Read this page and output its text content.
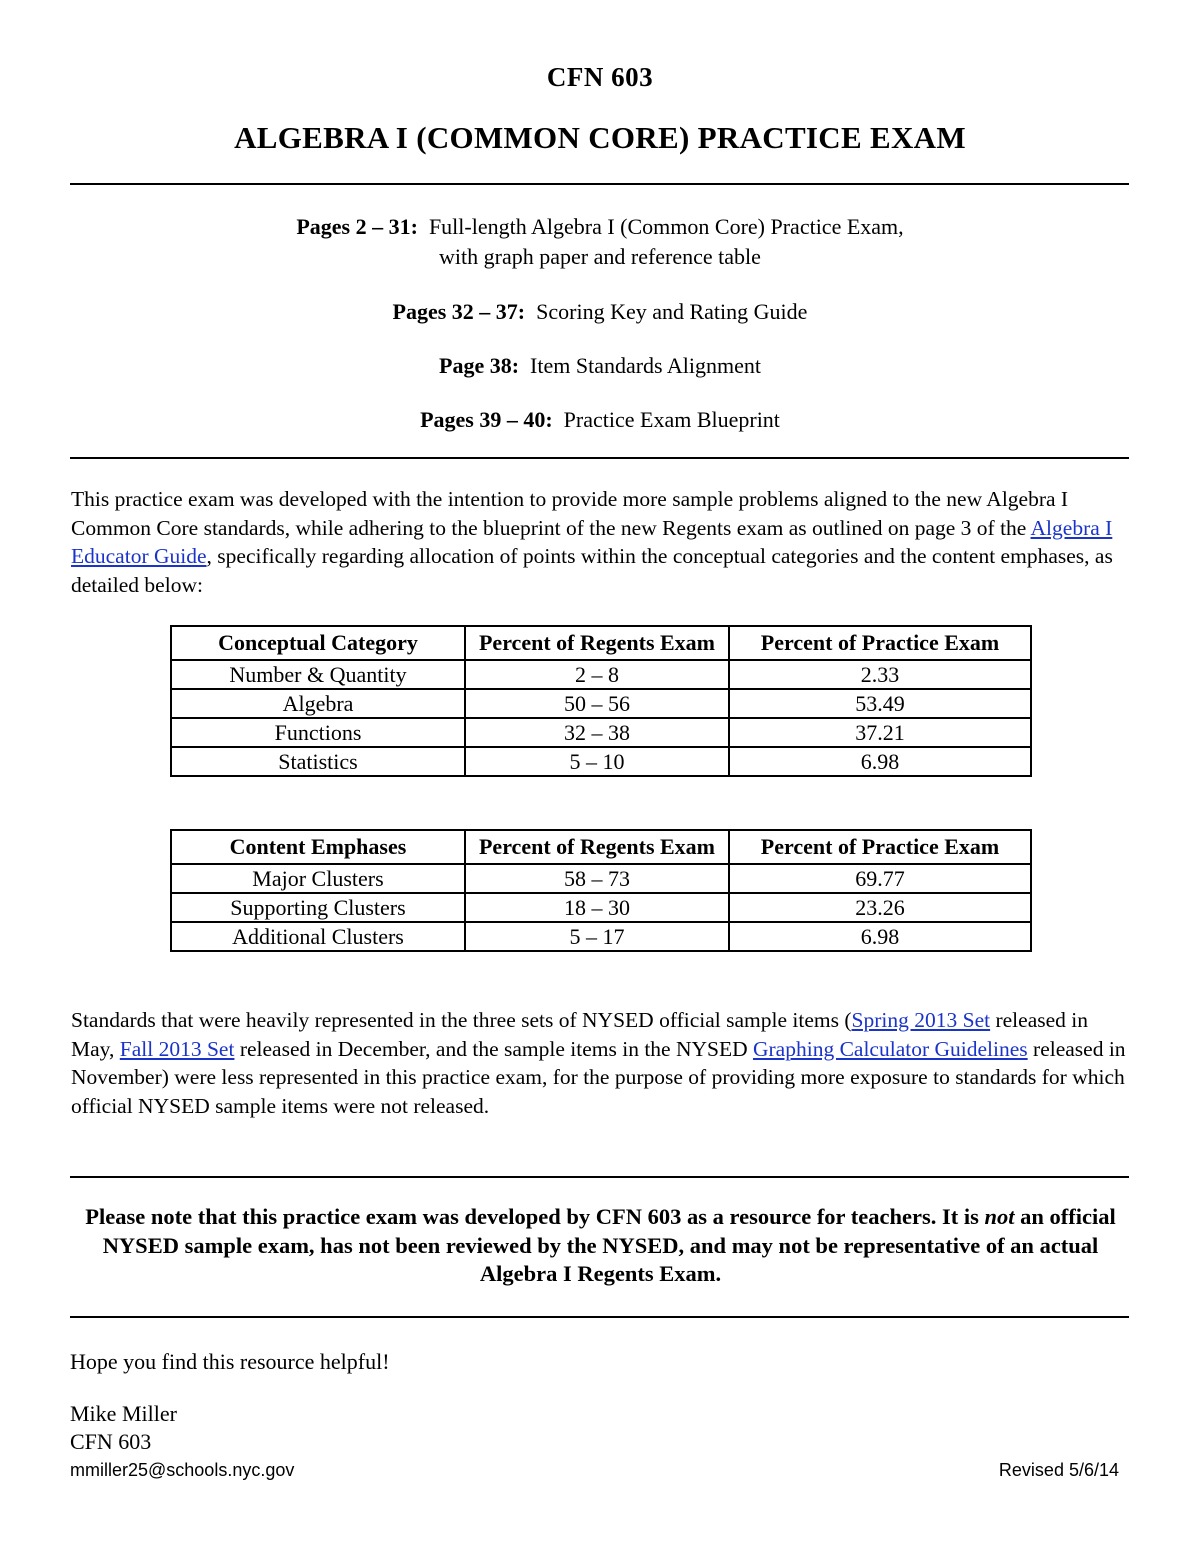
CFN 603
ALGEBRA I (COMMON CORE) PRACTICE EXAM
Pages 2 – 31: Full-length Algebra I (Common Core) Practice Exam,
with graph paper and reference table
Pages 32 – 37: Scoring Key and Rating Guide
Page 38: Item Standards Alignment
Pages 39 – 40: Practice Exam Blueprint
This practice exam was developed with the intention to provide more sample problems aligned to the new Algebra I Common Core standards, while adhering to the blueprint of the new Regents exam as outlined on page 3 of the Algebra I Educator Guide, specifically regarding allocation of points within the conceptual categories and the content emphases, as detailed below:
Conceptual Category	Percent of Regents Exam	Percent of Practice Exam
Number & Quantity	2 – 8	2.33
Algebra	50 – 56	53.49
Functions	32 – 38	37.21
Statistics	5 – 10	6.98
Content Emphases	Percent of Regents Exam	Percent of Practice Exam
Major Clusters	58 – 73	69.77
Supporting Clusters	18 – 30	23.26
Additional Clusters	5 – 17	6.98
Standards that were heavily represented in the three sets of NYSED official sample items (Spring 2013 Set released in May, Fall 2013 Set released in December, and the sample items in the NYSED Graphing Calculator Guidelines released in November) were less represented in this practice exam, for the purpose of providing more exposure to standards for which official NYSED sample items were not released.
Please note that this practice exam was developed by CFN 603 as a resource for teachers. It is not an official NYSED sample exam, has not been reviewed by the NYSED, and may not be representative of an actual Algebra I Regents Exam.
Hope you find this resource helpful!
Mike Miller
CFN 603
mmiller25@schools.nyc.gov	Revised 5/6/14
